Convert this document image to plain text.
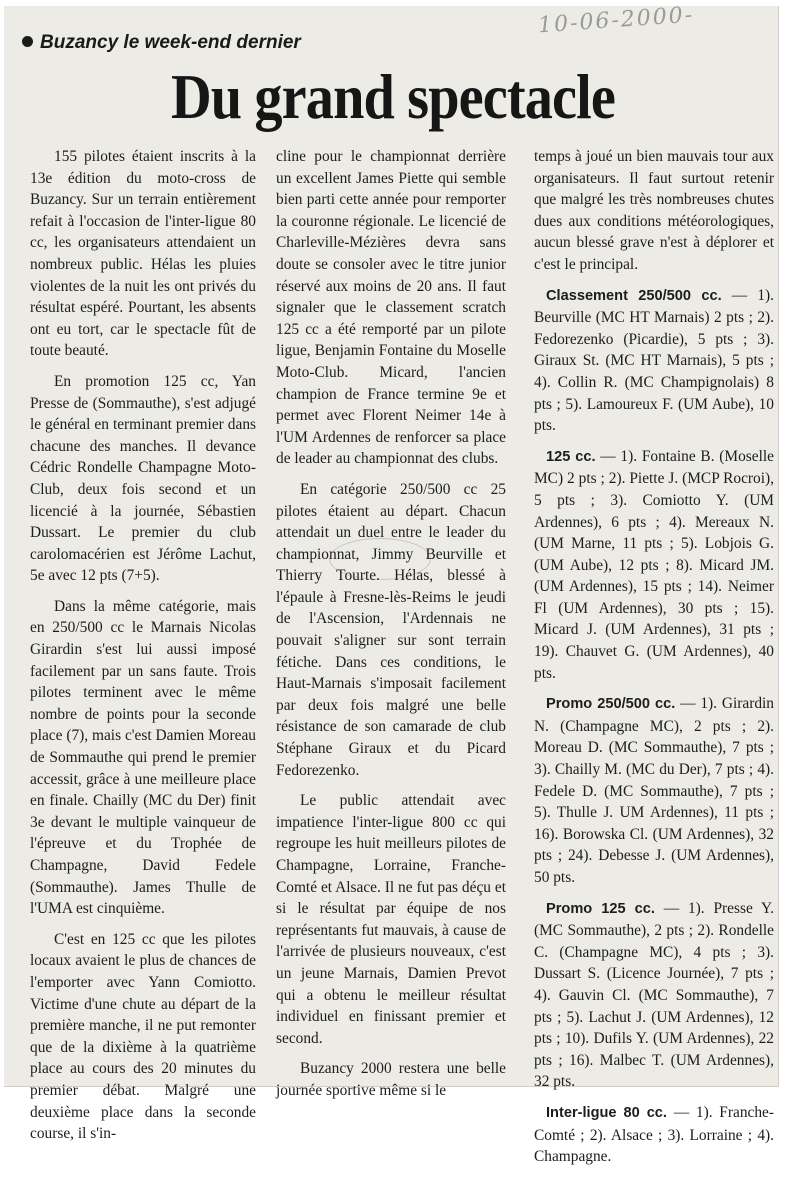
10-06-2000-
Buzancy le week-end dernier
Du grand spectacle

155 pilotes étaient inscrits à la 13e édition du moto-cross de Buzancy. Sur un terrain entièrement refait à l'occasion de l'inter-ligue 80 cc, les organisateurs attendaient un nombreux public. Hélas les pluies violentes de la nuit les ont privés du résultat espéré. Pourtant, les absents ont eu tort, car le spectacle fût de toute beauté.

En promotion 125 cc, Yan Presse de (Sommauthe), s'est adjugé le général en terminant premier dans chacune des manches. Il devance Cédric Rondelle Champagne Moto-Club, deux fois second et un licencié à la journée, Sébastien Dussart. Le premier du club carolomacérien est Jérôme Lachut, 5e avec 12 pts (7+5).

Dans la même catégorie, mais en 250/500 cc le Marnais Nicolas Girardin s'est lui aussi imposé facilement par un sans faute. Trois pilotes terminent avec le même nombre de points pour la seconde place (7), mais c'est Damien Moreau de Sommauthe qui prend le premier accessit, grâce à une meilleure place en finale. Chailly (MC du Der) finit 3e devant le multiple vainqueur de l'épreuve et du Trophée de Champagne, David Fedele (Sommauthe). James Thulle de l'UMA est cinquième.

C'est en 125 cc que les pilotes locaux avaient le plus de chances de l'emporter avec Yann Comiotto. Victime d'une chute au départ de la première manche, il ne put remonter que de la dixième à la quatrième place au cours des 20 minutes du premier débat. Malgré une deuxième place dans la seconde course, il s'in-

cline pour le championnat derrière un excellent James Piette qui semble bien parti cette année pour remporter la couronne régionale. Le licencié de Charleville-Mézières devra sans doute se consoler avec le titre junior réservé aux moins de 20 ans. Il faut signaler que le classement scratch 125 cc a été remporté par un pilote ligue, Benjamin Fontaine du Moselle Moto-Club. Micard, l'ancien champion de France termine 9e et permet avec Florent Neimer 14e à l'UM Ardennes de renforcer sa place de leader au championnat des clubs.

En catégorie 250/500 cc 25 pilotes étaient au départ. Chacun attendait un duel entre le leader du championnat, Jimmy Beurville et Thierry Tourte. Hélas, blessé à l'épaule à Fresne-lès-Reims le jeudi de l'Ascension, l'Ardennais ne pouvait s'aligner sur sont terrain fétiche. Dans ces conditions, le Haut-Marnais s'imposait facilement par deux fois malgré une belle résistance de son camarade de club Stéphane Giraux et du Picard Fedorezenko.

Le public attendait avec impatience l'inter-ligue 800 cc qui regroupe les huit meilleurs pilotes de Champagne, Lorraine, Franche-Comté et Alsace. Il ne fut pas déçu et si le résultat par équipe de nos représentants fut mauvais, à cause de l'arrivée de plusieurs nouveaux, c'est un jeune Marnais, Damien Prevot qui a obtenu le meilleur résultat individuel en finissant premier et second.

Buzancy 2000 restera une belle journée sportive même si le

temps à joué un bien mauvais tour aux organisateurs. Il faut surtout retenir que malgré les très nombreuses chutes dues aux conditions météorologiques, aucun blessé grave n'est à déplorer et c'est le principal.

Classement 250/500 cc. — 1). Beurville (MC HT Marnais) 2 pts ; 2). Fedorezenko (Picardie), 5 pts ; 3). Giraux St. (MC HT Marnais), 5 pts ; 4). Collin R. (MC Champignolais) 8 pts ; 5). Lamoureux F. (UM Aube), 10 pts.

125 cc. — 1). Fontaine B. (Moselle MC) 2 pts ; 2). Piette J. (MCP Rocroi), 5 pts ; 3). Comiotto Y. (UM Ardennes), 6 pts ; 4). Mereaux N. (UM Marne, 11 pts ; 5). Lobjois G. (UM Aube), 12 pts ; 8). Micard JM. (UM Ardennes), 15 pts ; 14). Neimer Fl (UM Ardennes), 30 pts ; 15). Micard J. (UM Ardennes), 31 pts ; 19). Chauvet G. (UM Ardennes), 40 pts.

Promo 250/500 cc. — 1). Girardin N. (Champagne MC), 2 pts ; 2). Moreau D. (MC Sommauthe), 7 pts ; 3). Chailly M. (MC du Der), 7 pts ; 4). Fedele D. (MC Sommauthe), 7 pts ; 5). Thulle J. UM Ardennes), 11 pts ; 16). Borowska Cl. (UM Ardennes), 32 pts ; 24). Debesse J. (UM Ardennes), 50 pts.

Promo 125 cc. — 1). Presse Y. (MC Sommauthe), 2 pts ; 2). Rondelle C. (Champagne MC), 4 pts ; 3). Dussart S. (Licence Journée), 7 pts ; 4). Gauvin Cl. (MC Sommauthe), 7 pts ; 5). Lachut J. (UM Ardennes), 12 pts ; 10). Dufils Y. (UM Ardennes), 22 pts ; 16). Malbec T. (UM Ardennes), 32 pts.

Inter-ligue 80 cc. — 1). Franche-Comté ; 2). Alsace ; 3). Lorraine ; 4). Champagne.
